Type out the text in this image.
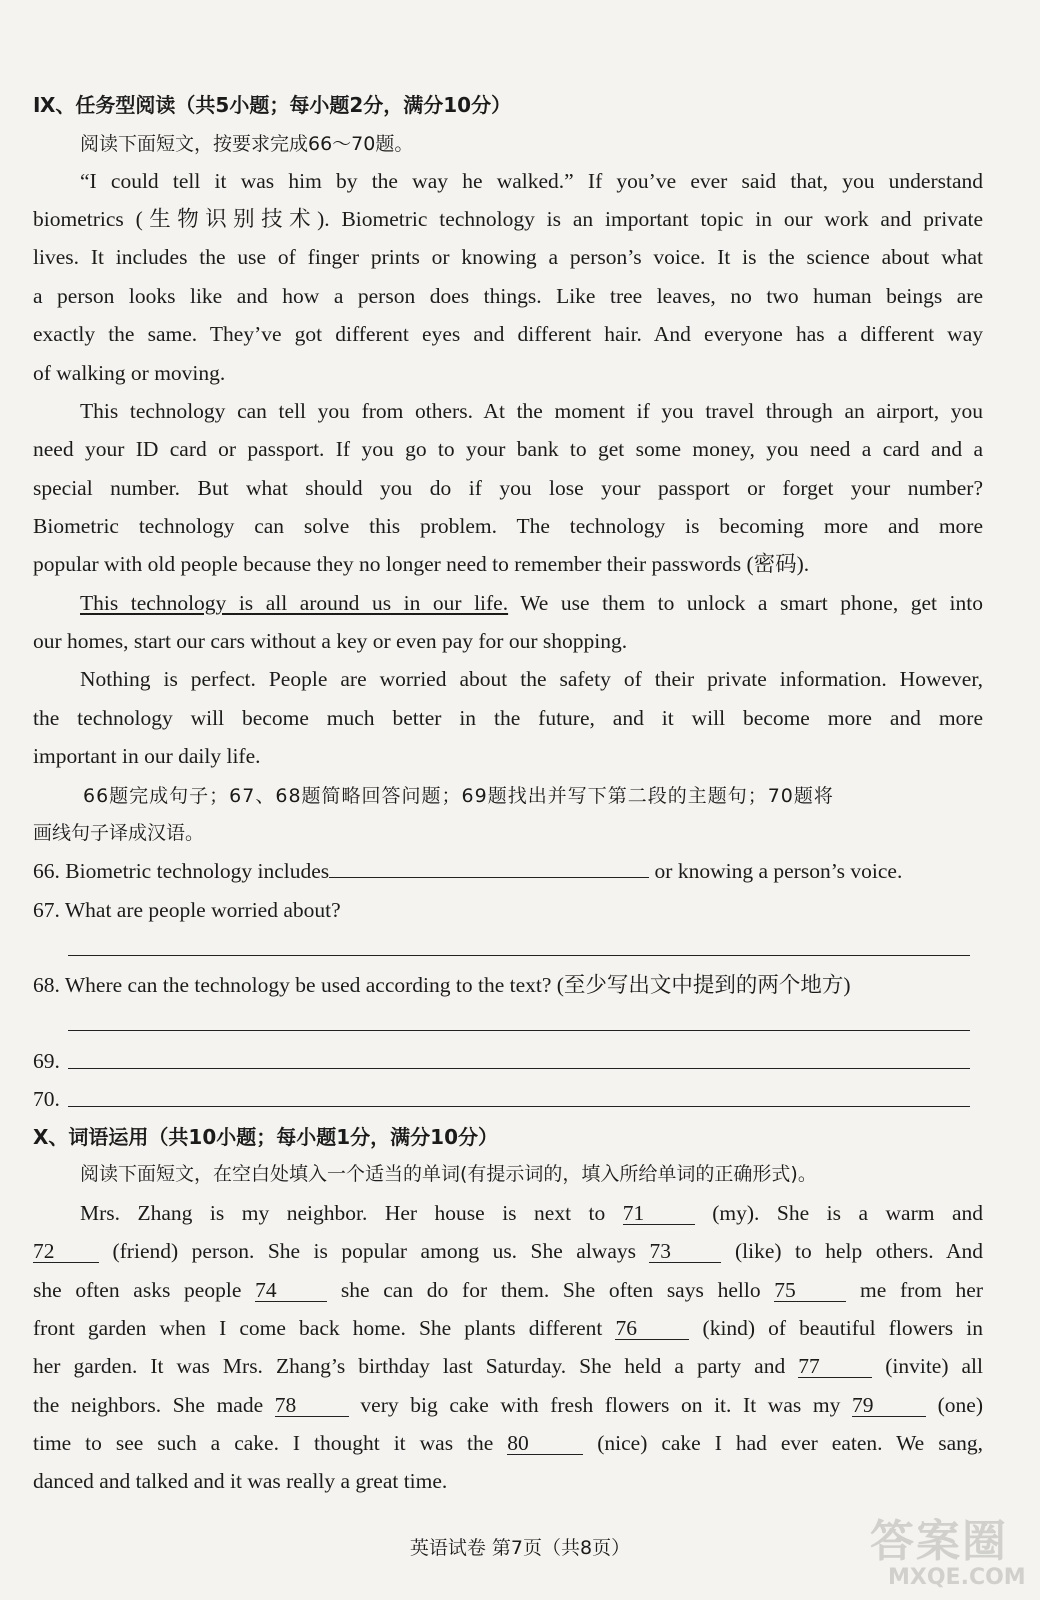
Ⅸ、任务型阅读（共5小题；每小题2分，满分10分）
阅读下面短文，按要求完成66～70题。
“I could tell it was him by the way he walked.” If you’ve ever said that, you understand
biometrics (生物识别技术). Biometric technology is an important topic in our work and private
lives. It includes the use of finger prints or knowing a person’s voice. It is the science about what
a person looks like and how a person does things. Like tree leaves, no two human beings are
exactly the same. They’ve got different eyes and different hair. And everyone has a different way
of walking or moving.
This technology can tell you from others. At the moment if you travel through an airport, you
need your ID card or passport. If you go to your bank to get some money, you need a card and a
special number. But what should you do if you lose your passport or forget your number?
Biometric technology can solve this problem. The technology is becoming more and more
popular with old people because they no longer need to remember their passwords (密码).
This technology is all around us in our life. We use them to unlock a smart phone, get into
our homes, start our cars without a key or even pay for our shopping.
Nothing is perfect. People are worried about the safety of their private information. However,
the technology will become much better in the future, and it will become more and more
important in our daily life.
66题完成句子；67、68题简略回答问题；69题找出并写下第二段的主题句；70题将
画线句子译成汉语。
66. Biometric technology includes	or knowing a person’s voice.
67. What are people worried about?
68. Where can the technology be used according to the text? (至少写出文中提到的两个地方)
69.
70.
Ⅹ、词语运用（共10小题；每小题1分，满分10分）
阅读下面短文，在空白处填入一个适当的单词(有提示词的，填入所给单词的正确形式)。
Mrs. Zhang is my neighbor. Her house is next to 71 (my). She is a warm and
72 (friend) person. She is popular among us. She always 73 (like) to help others. And
she often asks people 74 she can do for them. She often says hello 75 me from her
front garden when I come back home. She plants different 76 (kind) of beautiful flowers in
her garden. It was Mrs. Zhang’s birthday last Saturday. She held a party and 77 (invite) all
the neighbors. She made 78 very big cake with fresh flowers on it. It was my 79 (one)
time to see such a cake. I thought it was the 80	(nice) cake I had ever eaten. We sang,
danced and talked and it was really a great time.
英语试卷 第7页（共8页）	答案圈
MXQE.COM
